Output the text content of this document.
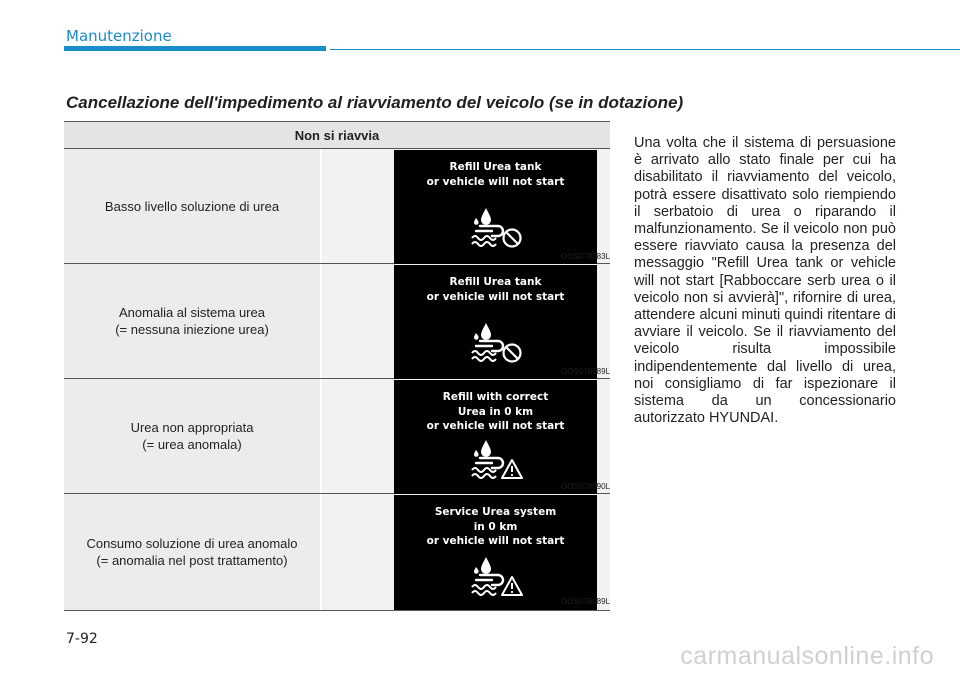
Manutenzione
Cancellazione dell'impedimento al riavviamento del veicolo (se in dotazione)
Non si riavvia
Basso livello soluzione di urea
Anomalia al sistema urea
(= nessuna iniezione urea)
Urea non appropriata
(= urea anomala)
Consumo soluzione di urea anomalo
(= anomalia nel post trattamento)
Refill Urea tank
or vehicle will not start
Refill Urea tank
or vehicle will not start
Refill with correct
Urea in 0 km
or vehicle will not start
Service Urea system
in 0 km
or vehicle will not start
OOS078083L
OOS078089L
OOS078090L
OOS078089L
Una volta che il sistema di persuasione è arrivato allo stato finale per cui ha disabilitato il riavviamento del veicolo, potrà essere disattivato solo riempiendo il serbatoio di urea o riparando il malfunzionamento. Se il veicolo non può essere riavviato causa la presenza del messaggio "Refill Urea tank or vehicle will not start [Rabboccare serb urea o il veicolo non si avvierà]", rifornire di urea, attendere alcuni minuti quindi ritentare di avviare il veicolo. Se il riavviamento del veicolo risulta impossibile indipendentemente dal livello di urea, noi consigliamo di far ispezionare il sistema da un concessionario autorizzato HYUNDAI.
7-92
carmanualsonline.info
